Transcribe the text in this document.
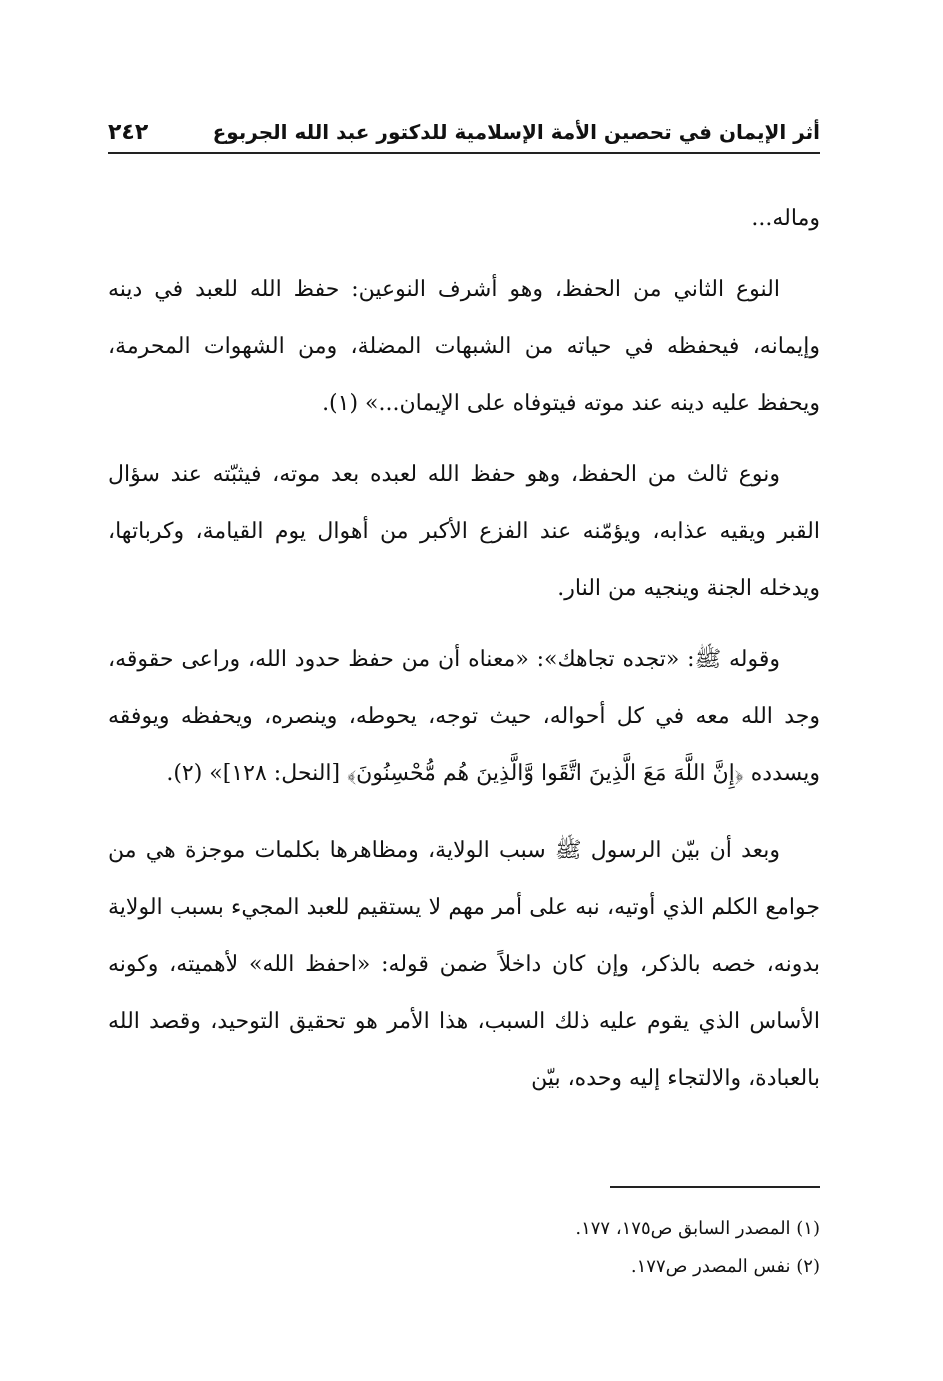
أثر الإيمان في تحصين الأمة الإسلامية للدكتور عبد الله الجربوع
٢٤٢

وماله...

النوع الثاني من الحفظ، وهو أشرف النوعين: حفظ الله للعبد في دينه وإيمانه، فيحفظه في حياته من الشبهات المضلة، ومن الشهوات المحرمة، ويحفظ عليه دينه عند موته فيتوفاه على الإيمان...» (١).

ونوع ثالث من الحفظ، وهو حفظ الله لعبده بعد موته، فيثبّته عند سؤال القبر ويقيه عذابه، ويؤمّنه عند الفزع الأكبر من أهوال يوم القيامة، وكرباتها، ويدخله الجنة وينجيه من النار.

وقوله ﷺ: «تجده تجاهك»: «معناه أن من حفظ حدود الله، وراعى حقوقه، وجد الله معه في كل أحواله، حيث توجه، يحوطه، وينصره، ويحفظه ويوفقه ويسدده ﴿إِنَّ اللَّهَ مَعَ الَّذِينَ اتَّقَوا وَّالَّذِينَ هُم مُّحْسِنُونَ﴾ [النحل: ١٢٨]» (٢).

وبعد أن بيّن الرسول ﷺ سبب الولاية، ومظاهرها بكلمات موجزة هي من جوامع الكلم الذي أوتيه، نبه على أمر مهم لا يستقيم للعبد المجيء بسبب الولاية بدونه، خصه بالذكر، وإن كان داخلاً ضمن قوله: «احفظ الله» لأهميته، وكونه الأساس الذي يقوم عليه ذلك السبب، هذا الأمر هو تحقيق التوحيد، وقصد الله بالعبادة، والالتجاء إليه وحده، بيّن

(١) المصدر السابق ص١٧٥، ١٧٧.
(٢) نفس المصدر ص١٧٧.
